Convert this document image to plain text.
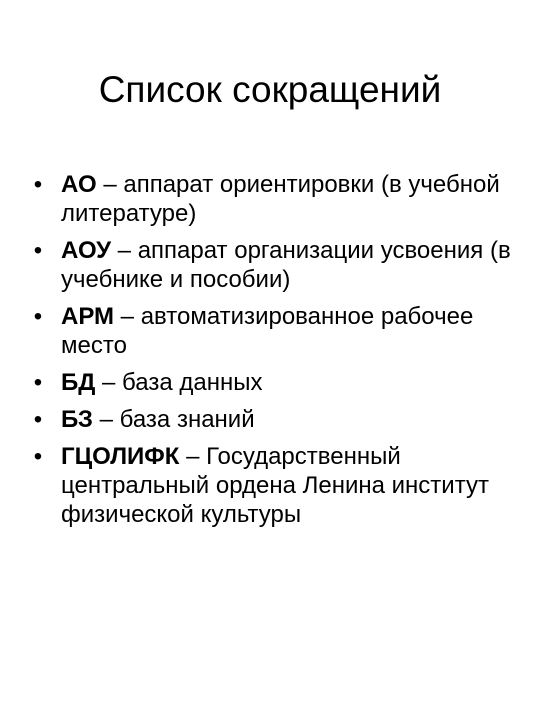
Список сокращений
• АО – аппарат ориентировки (в учебной литературе)
• АОУ – аппарат организации усвоения (в учебнике и пособии)
• АРМ – автоматизированное рабочее место
• БД – база данных
• БЗ – база знаний
• ГЦОЛИФК – Государственный центральный ордена Ленина институт физической культуры
